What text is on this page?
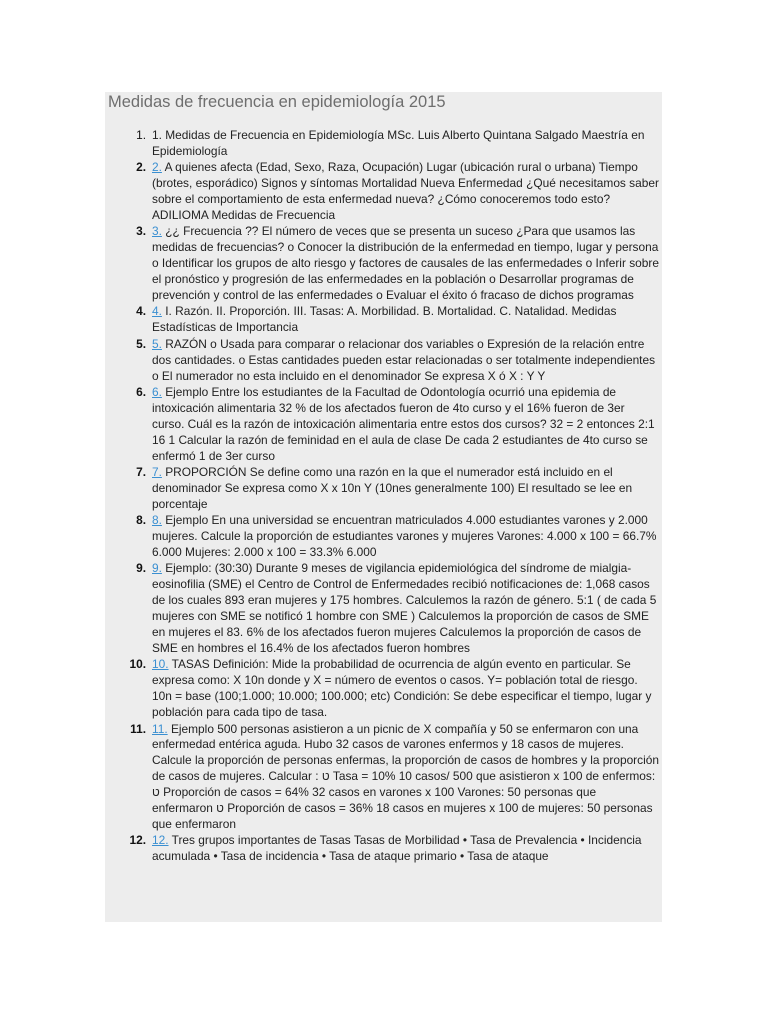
Medidas de frecuencia en epidemiología 2015
1. 1. Medidas de Frecuencia en Epidemiología MSc. Luis Alberto Quintana Salgado Maestría en Epidemiología
2. 2. A quienes afecta (Edad, Sexo, Raza, Ocupación) Lugar (ubicación rural o urbana) Tiempo (brotes, esporádico) Signos y síntomas Mortalidad Nueva Enfermedad ¿Qué necesitamos saber sobre el comportamiento de esta enfermedad nueva? ¿Cómo conoceremos todo esto? ADILIOMA Medidas de Frecuencia
3. 3. ¿¿ Frecuencia ?? El número de veces que se presenta un suceso ¿Para que usamos las medidas de frecuencias? o Conocer la distribución de la enfermedad en tiempo, lugar y persona o Identificar los grupos de alto riesgo y factores de causales de las enfermedades o Inferir sobre el pronóstico y progresión de las enfermedades en la población o Desarrollar programas de prevención y control de las enfermedades o Evaluar el éxito ó fracaso de dichos programas
4. 4. I. Razón. II. Proporción. III. Tasas: A. Morbilidad. B. Mortalidad. C. Natalidad. Medidas Estadísticas de Importancia
5. 5. RAZÓN o Usada para comparar o relacionar dos variables o Expresión de la relación entre dos cantidades. o Estas cantidades pueden estar relacionadas o ser totalmente independientes o El numerador no esta incluido en el denominador Se expresa X ó X : Y Y
6. 6. Ejemplo Entre los estudiantes de la Facultad de Odontología ocurrió una epidemia de intoxicación alimentaria 32 % de los afectados fueron de 4to curso y el 16% fueron de 3er curso. Cuál es la razón de intoxicación alimentaria entre estos dos cursos? 32 = 2 entonces 2:1 16 1 Calcular la razón de feminidad en el aula de clase De cada 2 estudiantes de 4to curso se enfermó 1 de 3er curso
7. 7. PROPORCIÓN Se define como una razón en la que el numerador está incluido en el denominador Se expresa como X x 10n Y (10nes generalmente 100) El resultado se lee en porcentaje
8. 8. Ejemplo En una universidad se encuentran matriculados 4.000 estudiantes varones y 2.000 mujeres. Calcule la proporción de estudiantes varones y mujeres Varones: 4.000 x 100 = 66.7% 6.000 Mujeres: 2.000 x 100 = 33.3% 6.000
9. 9. Ejemplo: (30:30) Durante 9 meses de vigilancia epidemiológica del síndrome de mialgia-eosinofilia (SME) el Centro de Control de Enfermedades recibió notificaciones de: 1,068 casos de los cuales 893 eran mujeres y 175 hombres. Calculemos la razón de género. 5:1 ( de cada 5 mujeres con SME se notificó 1 hombre con SME ) Calculemos la proporción de casos de SME en mujeres el 83. 6% de los afectados fueron mujeres Calculemos la proporción de casos de SME en hombres el 16.4% de los afectados fueron hombres
10. 10. TASAS Definición: Mide la probabilidad de ocurrencia de algún evento en particular. Se expresa como: X 10n donde y X = número de eventos o casos. Y= población total de riesgo. 10n = base (100;1.000; 10.000; 100.000; etc) Condición: Se debe especificar el tiempo, lugar y población para cada tipo de tasa.
11. 11. Ejemplo 500 personas asistieron a un picnic de X compañía y 50 se enfermaron con una enfermedad entérica aguda. Hubo 32 casos de varones enfermos y 18 casos de mujeres. Calcule la proporción de personas enfermas, la proporción de casos de hombres y la proporción de casos de mujeres. Calcular : ט Tasa = 10% 10 casos/ 500 que asistieron x 100 de enfermos: ט Proporción de casos = 64% 32 casos en varones x 100 Varones: 50 personas que enfermaron ט Proporción de casos = 36% 18 casos en mujeres x 100 de mujeres: 50 personas que enfermaron
12. 12. Tres grupos importantes de Tasas Tasas de Morbilidad • Tasa de Prevalencia • Incidencia acumulada • Tasa de incidencia • Tasa de ataque primario • Tasa de ataque
